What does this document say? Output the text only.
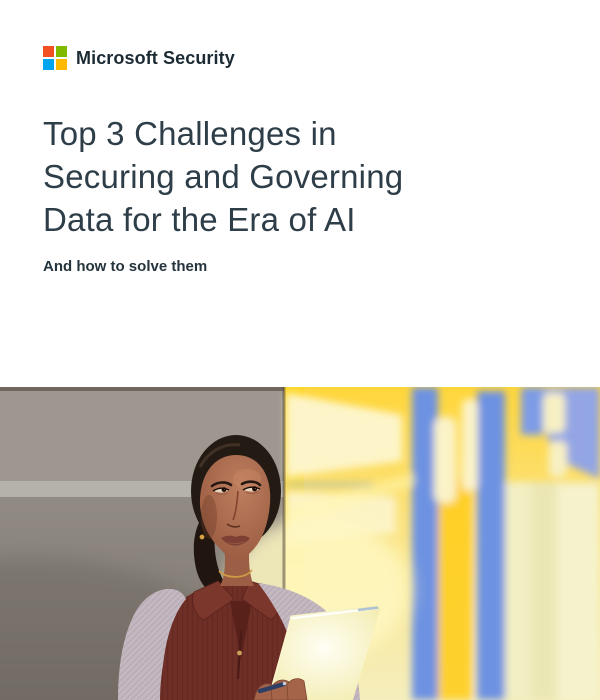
Microsoft Security
Top 3 Challenges in
Securing and Governing
Data for the Era of AI

And how to solve them
